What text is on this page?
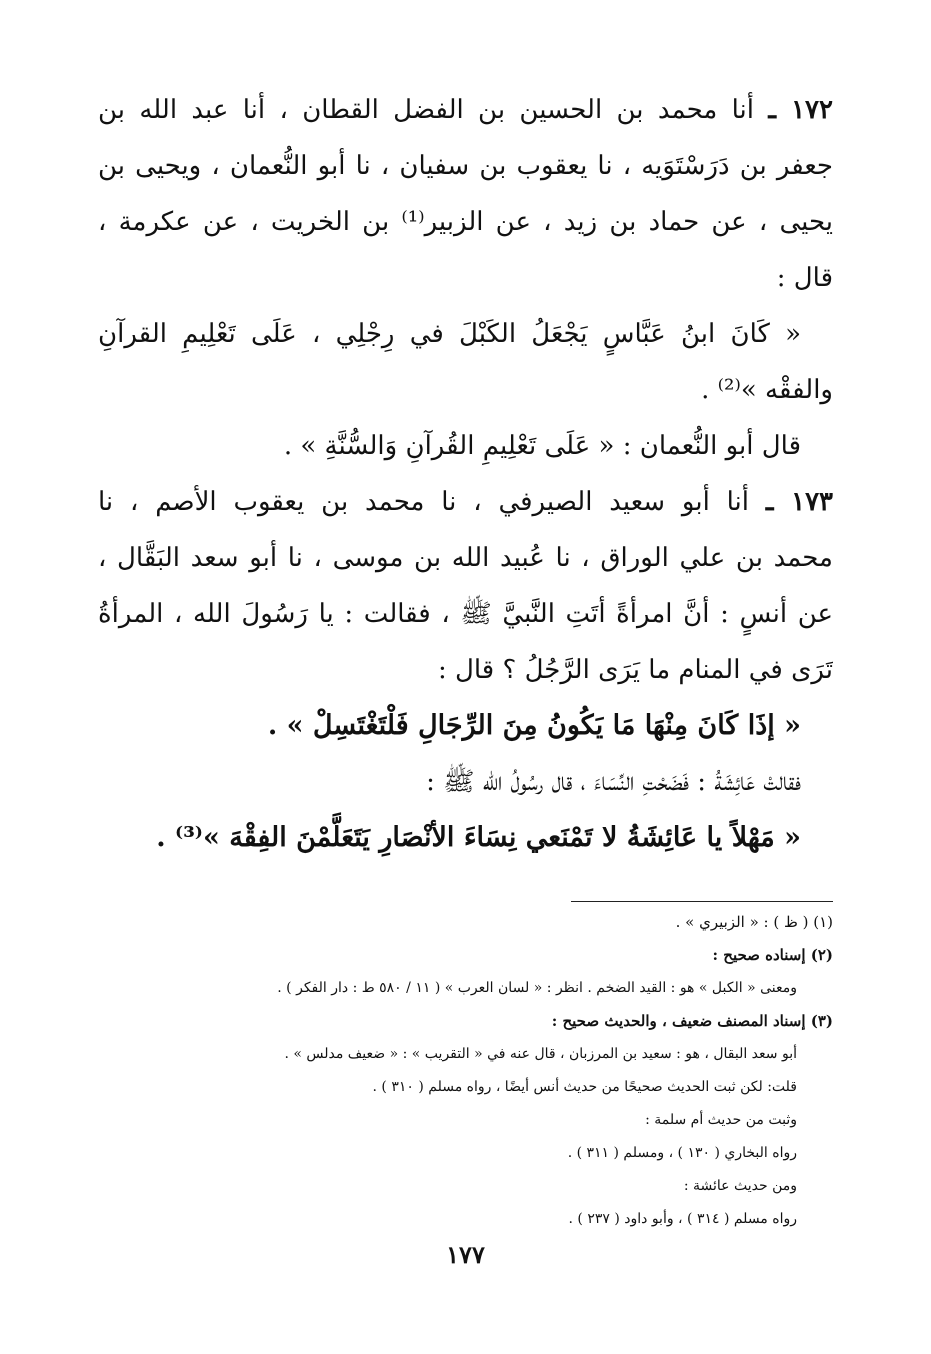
١٧٢ ـ أنا محمد بن الحسين بن الفضل القطان ، أنا عبد الله بن
جعفر بن دَرَسْتَوَيه ، نا يعقوب بن سفيان ، نا أبو النُّعمان ، ويحيى بن
يحيى ، عن حماد بن زيد ، عن الزبير⁽¹⁾ بن الخريت ، عن عكرمة ،
قال :
« كَانَ ابنُ عَبَّاسٍ يَجْعَلُ الكَبْلَ في رِجْلِي ، عَلَى تَعْلِيمِ القرآنِ
والفقْه »⁽²⁾ .
قال أبو النُّعمان : « عَلَى تَعْلِيمِ القُرآنِ وَالسُّنَّةِ » .
١٧٣ ـ أنا أبو سعيد الصيرفي ، نا محمد بن يعقوب الأصم ، نا
محمد بن علي الوراق ، نا عُبيد الله بن موسى ، نا أبو سعد البَقَّال ،
عن أنسٍ : أنَّ امرأةً أتَتِ النَّبيَّ ﷺ ، فقالت : يا رَسُولَ الله ، المرأةُ
تَرَى في المنام ما يَرَى الرَّجُلُ ؟ قال :
« إذَا كَانَ مِنْهَا مَا يَكُونُ مِنَ الرِّجَالِ فَلْتَغْتَسِلْ » .
فقالتْ عَائِشَةُ : فَضَحْتِ النِّسَاءَ ، قال رسُولُ الله ﷺ :
« مَهْلاً يا عَائِشَةُ لا تَمْنَعي نِسَاءَ الأنْصَارِ يَتَعَلَّمْنَ الفِقْهَ »⁽³⁾ .
(١) ( ظ ) : « الزبيري » .
(٢) إسناده صحيح :
ومعنى « الكبل » هو : القيد الضخم . انظر : « لسان العرب » ( ١١ / ٥٨٠ ط : دار الفكر ) .
(٣) إسناد المصنف ضعيف ، والحديث صحيح :
أبو سعد البقال ، هو : سعيد بن المرزبان ، قال عنه في « التقريب » : « ضعيف مدلس » .
قلت: لكن ثبت الحديث صحيحًا من حديث أنس أيضًا ، رواه مسلم ( ٣١٠ ) .
وثبت من حديث أم سلمة :
رواه البخاري ( ١٣٠ ) ، ومسلم ( ٣١١ ) .
ومن حديث عائشة :
رواه مسلم ( ٣١٤ ) ، وأبو داود ( ٢٣٧ ) .
١٧٧
